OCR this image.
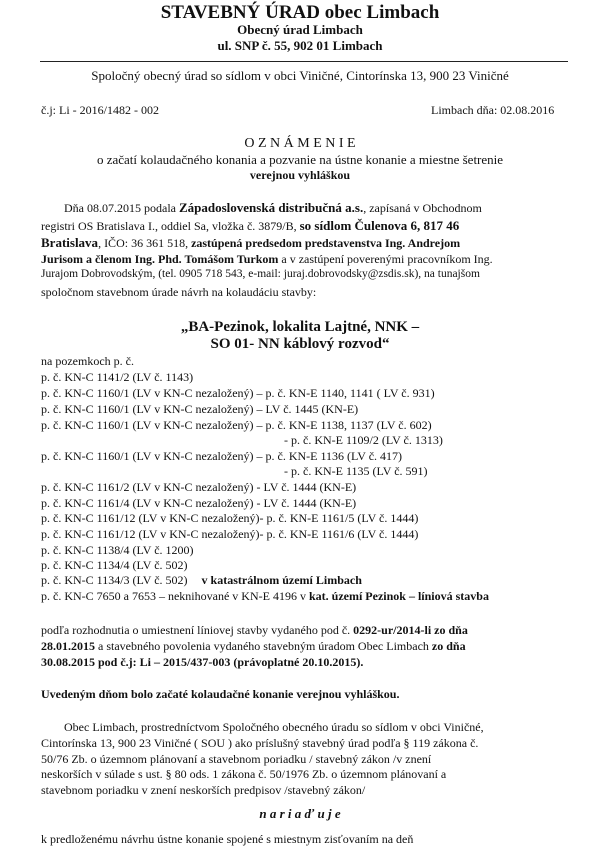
STAVEBNÝ ÚRAD obec Limbach
Obecný úrad Limbach
ul. SNP č. 55, 902 01 Limbach
Spoločný obecný úrad so sídlom v obci Viničné, Cintorínska 13, 900 23 Viničné
č.j: Li - 2016/1482 - 002	Limbach dňa: 02.08.2016
O Z N Á M E N I E
o začatí kolaudačného konania a pozvanie na ústne konanie a miestne šetrenie
verejnou vyhláškou
Dňa 08.07.2015 podala Západoslovenská distribučná a.s., zapísaná v Obchodnom
registri OS Bratislava I., oddiel Sa, vložka č. 3879/B, so sídlom Čulenova 6, 817 46
Bratislava, IČO: 36 361 518, zastúpená predsedom predstavenstva Ing. Andrejom
Jurisom a členom Ing. Phd. Tomášom Turkom a v zastúpení poverenými pracovníkom Ing.
Jurajom Dobrovodským, (tel. 0905 718 543, e-mail: juraj.dobrovodsky@zsdis.sk), na tunajšom
spoločnom stavebnom úrade návrh na kolaudáciu stavby:
„BA-Pezinok, lokalita Lajtné, NNK –
SO 01- NN káblový rozvod“
na pozemkoch p. č.
p. č. KN-C 1141/2 (LV č. 1143)
p. č. KN-C 1160/1 (LV v KN-C nezaložený) – p. č. KN-E 1140, 1141 ( LV č. 931)
p. č. KN-C 1160/1 (LV v KN-C nezaložený) – LV č. 1445 (KN-E)
p. č. KN-C 1160/1 (LV v KN-C nezaložený) – p. č. KN-E 1138, 1137 (LV č. 602)
- p. č. KN-E 1109/2 (LV č. 1313)
p. č. KN-C 1160/1 (LV v KN-C nezaložený) – p. č. KN-E 1136 (LV č. 417)
- p. č. KN-E 1135 (LV č. 591)
p. č. KN-C 1161/2 (LV v KN-C nezaložený) - LV č. 1444 (KN-E)
p. č. KN-C 1161/4 (LV v KN-C nezaložený) - LV č. 1444 (KN-E)
p. č. KN-C 1161/12 (LV v KN-C nezaložený)- p. č. KN-E 1161/5 (LV č. 1444)
p. č. KN-C 1161/12 (LV v KN-C nezaložený)- p. č. KN-E 1161/6 (LV č. 1444)
p. č. KN-C 1138/4 (LV č. 1200)
p. č. KN-C 1134/4 (LV č. 502)
p. č. KN-C 1134/3 (LV č. 502) v katastrálnom území Limbach
p. č. KN-C 7650 a 7653 – neknihované v KN-E 4196 v kat. území Pezinok – líniová stavba
podľa rozhodnutia o umiestnení líniovej stavby vydaného pod č. 0292-ur/2014-li zo dňa
28.01.2015 a stavebného povolenia vydaného stavebným úradom Obec Limbach zo dňa
30.08.2015 pod č.j: Li – 2015/437-003 (právoplatné 20.10.2015).
Uvedeným dňom bolo začaté kolaudačné konanie verejnou vyhláškou.
Obec Limbach, prostredníctvom Spoločného obecného úradu so sídlom v obci Viničné,
Cintorínska 13, 900 23 Viničné ( SOU ) ako príslušný stavebný úrad podľa § 119 zákona č.
50/76 Zb. o územnom plánovaní a stavebnom poriadku / stavebný zákon /v znení
neskorších v súlade s ust. § 80 ods. 1 zákona č. 50/1976 Zb. o územnom plánovaní a
stavebnom poriadku v znení neskorších predpisov /stavebný zákon/
n a r i a ď u j e
k predloženému návrhu ústne konanie spojené s miestnym zisťovaním na deň
